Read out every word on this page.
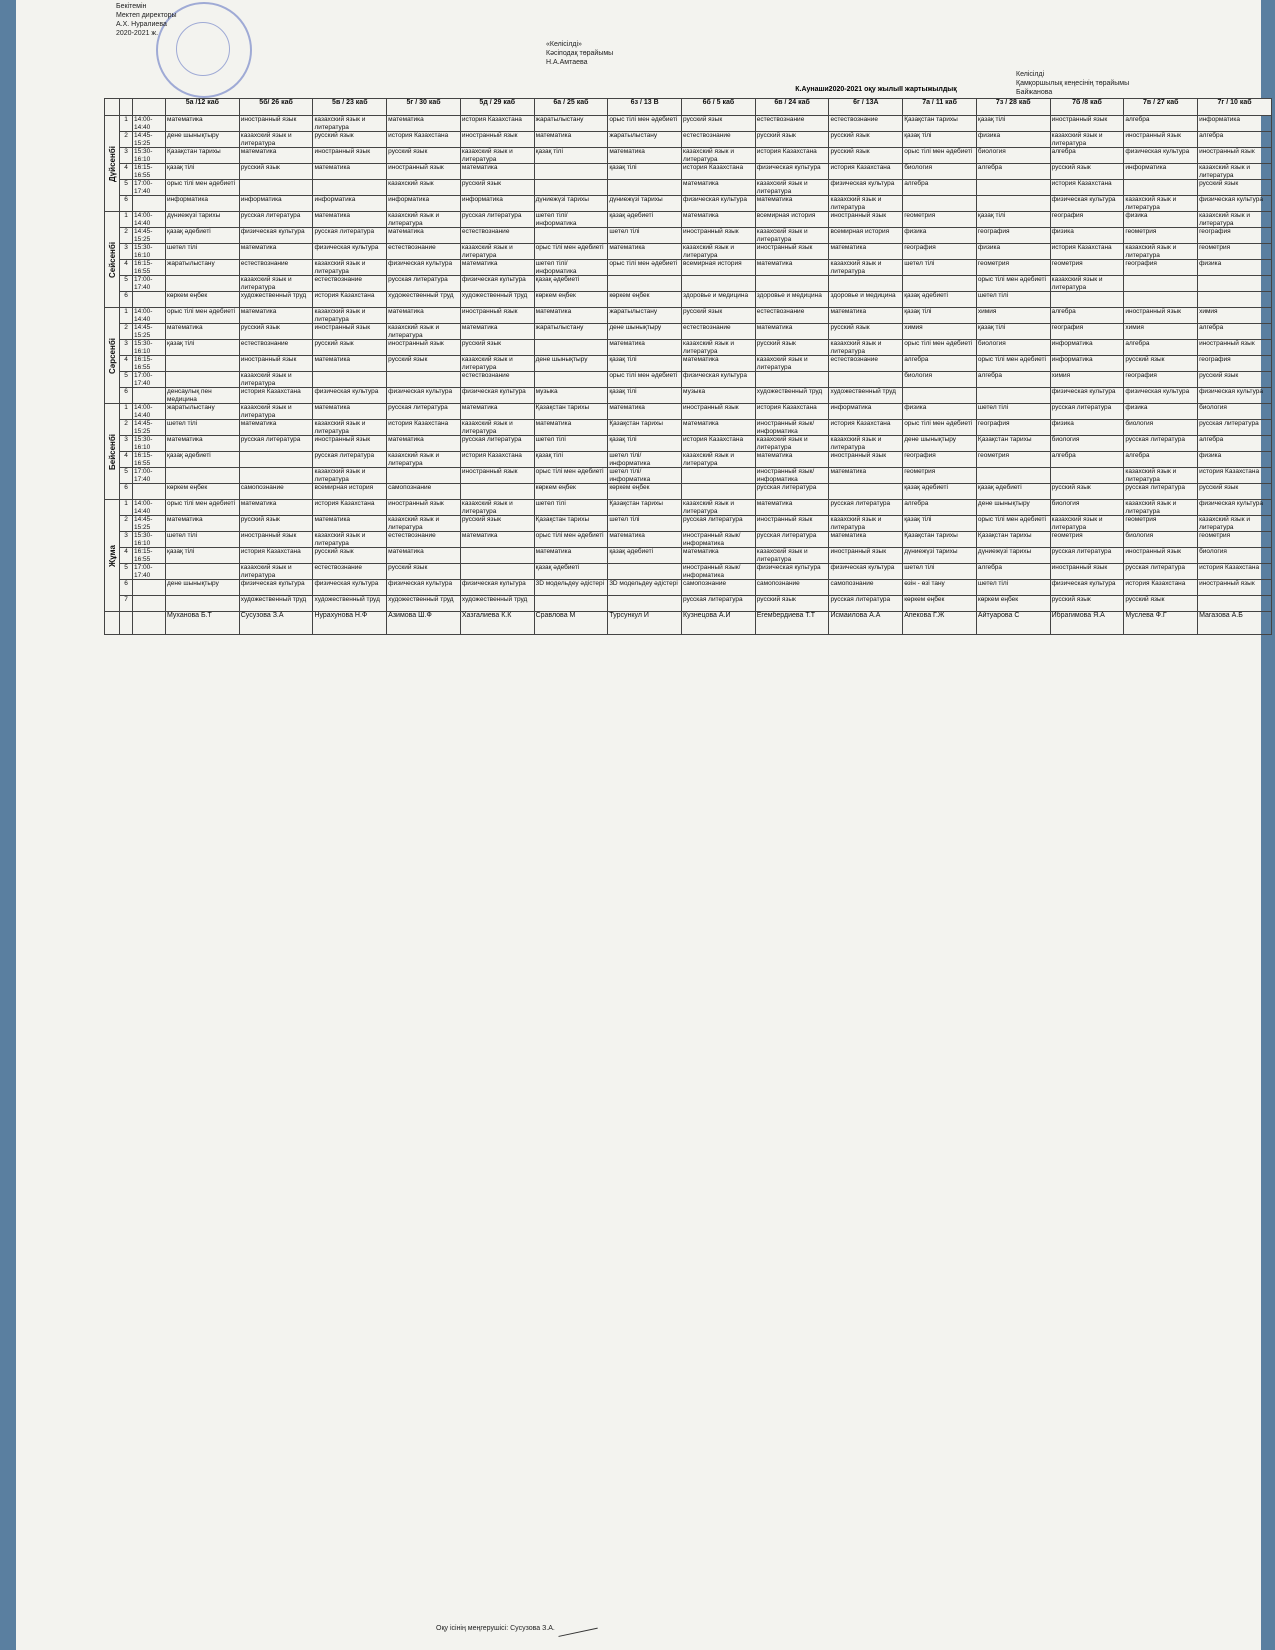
Бекітемін
Мектеп директоры
А.Х. Нуралиева
2020-2021 ж.
«Келісілді»
Кәсіподақ төрайымы
Н.А.Амтаева
Келісілді
Қамқоршылық кеңесінің төрайымы
Байжанова
К.Аунаши2020-2021 оқу жылыII жартыжылдық
			5а /12 каб	5б/ 26 каб	5в / 23 каб	5г / 30 каб	5д / 29 каб	6а / 25 каб	6з / 13 В	6б / 5 каб	6в / 24 каб	6г / 13А	7а / 11 каб	7з / 28 каб	7б /8 каб	7в / 27 каб	7г / 10 каб
Дүйсенбі	1	14:00-
14:40	математика	иностранный язык	казахский язык и литература	математика	история Казахстана	жаратылыстану	орыс тілі мен әдебиеті	русский язык	естествознание	естествознание	Қазақстан тарихы	қазақ тілі	иностранный язык	алгебра	информатика
	2	14:45-
15:25	дене шынықтыру	казахский язык и литература	русский язык	история Казахстана	иностранный язык	математика	жаратылыстану	естествознание	русский язык	русский язык	қазақ тілі	физика	казахский язык и литература	иностранный язык	алгебра
	3	15:30-
16:10	Қазақстан тарихы	математика	иностранный язык	русский язык	казахский язык и литература	қазақ тілі	математика	казахский язык и литература	история Казахстана	русский язык	орыс тілі мен әдебиеті	биология	алгебра	физическая культура	иностранный язык
	4	16:15-
16:55	қазақ тілі	русский язык	математика	иностранный язык	математика		қазақ тілі	история Казахстана	физическая культура	история Казахстана	биология	алгебра	русский язык	информатика	казахский язык и литература
	5	17:00-
17:40	орыс тілі мен әдебиеті			казахский язык	русский язык			математика	казахский язык и литература	физическая культура	алгебра		история Казахстана		русский язык
	6		информатика	информатика	информатика	информатика	информатика	дүниежүзі тарихы	дүниежүзі тарихы	физическая культура	математика	казахский язык и литература			физическая культура	казахский язык и литература	физическая культура
Сейсенбі	1	14:00-
14:40	дүниежүзі тарихы	русская литература	математика	казахский язык и литература	русская литература	шетел тілі/информатика	қазақ әдебиеті	математика	всемирная история	иностранный язык	геометрия	қазақ тілі	география	физика	казахский язык и литература
	2	14:45-
15:25	қазақ әдебиеті	физическая культура	русская литература	математика	естествознание		шетел тілі	иностранный язык	казахский язык и литература	всемирная история	физика	география	физика	геометрия	география
	3	15:30-
16:10	шетел тілі	математика	физическая культура	естествознание	казахский язык и литература	орыс тілі мен әдебиеті	математика	казахский язык и литература	иностранный язык	математика	география	физика	история Казахстана	казахский язык и литература	геометрия
	4	16:15-
16:55	жаратылыстану	естествознание	казахский язык и литература	физическая культура	математика	шетел тілі/информатика	орыс тілі мен әдебиеті	всемирная история	математика	казахский язык и литература	шетел тілі	геометрия	геометрия	география	физика
	5	17:00-
17:40		казахский язык и литература	естествознание	русская литература	физическая культура	қазақ әдебиеті						орыс тілі мен әдебиеті	казахский язык и литература		
	6		көркем еңбек	художественный труд	история Казахстана	художественный труд	художественный труд	көркем еңбек	көркем еңбек	здоровье и медицина	здоровье и медицина	здоровье и медицина	қазақ әдебиеті	шетел тілі			
Сәрсенбі	1	14:00-
14:40	орыс тілі мен әдебиеті	математика	казахский язык и литература	математика	иностранный язык	математика	жаратылыстану	русский язык	естествознание	математика	қазақ тілі	химия	алгебра	иностранный язык	химия
	2	14:45-
15:25	математика	русский язык	иностранный язык	казахский язык и литература	математика	жаратылыстану	дене шынықтыру	естествознание	математика	русский язык	химия	қазақ тілі	география	химия	алгебра
	3	15:30-
16:10	қазақ тілі	естествознание	русский язык	иностранный язык	русский язык		математика	казахский язык и литература	русский язык	казахский язык и литература	орыс тілі мен әдебиеті	биология	информатика	алгебра	иностранный язык
	4	16:15-
16:55		иностранный язык	математика	русский язык	казахский язык и литература	дене шынықтыру	қазақ тілі	математика	казахский язык и литература	естествознание	алгебра	орыс тілі мен әдебиеті	информатика	русский язык	география
	5	17:00-
17:40		казахский язык и литература			естествознание		орыс тілі мен әдебиеті	физическая культура			биология	алгебра	химия	география	русский язык
	6		денсаулық пен медицина	история Казахстана	физическая культура	физическая культура	физическая культура	музыка	қазақ тілі	музыка	художественный труд	художественный труд			физическая культура	физическая культура	физическая культура
Бейсенбі	1	14:00-
14:40	жаратылыстану	казахский язык и литература	математика	русская литература	математика	Қазақстан тарихы	математика	иностранный язык	история Казахстана	информатика	физика	шетел тілі	русская литература	физика	биология
	2	14:45-
15:25	шетел тілі	математика	казахский язык и литература	история Казахстана	казахский язык и литература	математика	Қазақстан тарихы	математика	иностранный язык/информатика	история Казахстана	орыс тілі мен әдебиеті	география	физика	биология	русская литература
	3	15:30-
16:10	математика	русская литература	иностранный язык	математика	русская литература	шетел тілі	қазақ тілі	история Казахстана	казахский язык и литература	казахский язык и литература	дене шынықтыру	Қазақстан тарихы	биология	русская литература	алгебра
	4	16:15-
16:55	қазақ әдебиеті		русская литература	казахский язык и литература	история Казахстана	қазақ тілі	шетел тілі/информатика	казахский язык и литература	математика	иностранный язык	география	геометрия	алгебра	алгебра	физика
	5	17:00-
17:40			казахский язык и литература		иностранный язык	орыс тілі мен әдебиеті	шетел тілі/информатика		иностранный язык/информатика	математика	геометрия			казахский язык и литература	история Казахстана
	6		көркем еңбек	самопознание	всемирная история	самопознание		көркем еңбек	көркем еңбек		русская литература		қазақ әдебиеті	қазақ әдебиеті	русский язык	русская литература	русский язык
Жұма	1	14:00-
14:40	орыс тілі мен әдебиеті	математика	история Казахстана	иностранный язык	казахский язык и литература	шетел тілі	Қазақстан тарихы	казахский язык и литература	математика	русская литература	алгебра	дене шынықтыру	биология	казахский язык и литература	физическая культура
	2	14:45-
15:25	математика	русский язык	математика	казахский язык и литература	русский язык	Қазақстан тарихы	шетел тілі	русская литература	иностранный язык	казахский язык и литература	қазақ тілі	орыс тілі мен әдебиеті	казахский язык и литература	геометрия	казахский язык и литература
	3	15:30-
16:10	шетел тілі	иностранный язык	казахский язык и литература	естествознание	математика	орыс тілі мен әдебиеті	математика	иностранный язык/информатика	русская литература	математика	Қазақстан тарихы	Қазақстан тарихы	геометрия	биология	геометрия
	4	16:15-
16:55	қазақ тілі	история Казахстана	русский язык	математика		математика	қазақ әдебиеті	математика	казахский язык и литература	иностранный язык	дүниежүзі тарихы	дүниежүзі тарихы	русская литература	иностранный язык	биология
	5	17:00-
17:40		казахский язык и литература	естествознание	русский язык		қазақ әдебиеті		иностранный язык/информатика	физическая культура	физическая культура	шетел тілі	алгебра	иностранный язык	русская литература	история Казахстана
	6		дене шынықтыру	физическая культура	физическая культура	физическая культура	физическая культура	3D модельдеу әдістері	3D модельдеу әдістері	самопознание	самопознание	самопознание	өзін - өзі тану	шетел тілі	физическая культура	история Казахстана	иностранный язык
	7			художественный труд	художественный труд	художественный труд	художественный труд			русская литература	русский язык	русская литература	көркем еңбек	көркем еңбек	русский язык	русский язык	
			Муханова Б.Т	Сусузова З.А	Нурахунова Н.Ф	Азимова Ш.Ф	Хазгалиева К.К	Сравлова М	Турсункул И	Кузнецова А.И	Егембердиева Т.Т	Исмаилова А.А	Апекова Г.Ж	Айтуарова С	Ибрагимова Я.А	Муслева Ф.Г	Магазова А.Б
Оқу ісінің меңгерушісі: Сусузова З.А.
